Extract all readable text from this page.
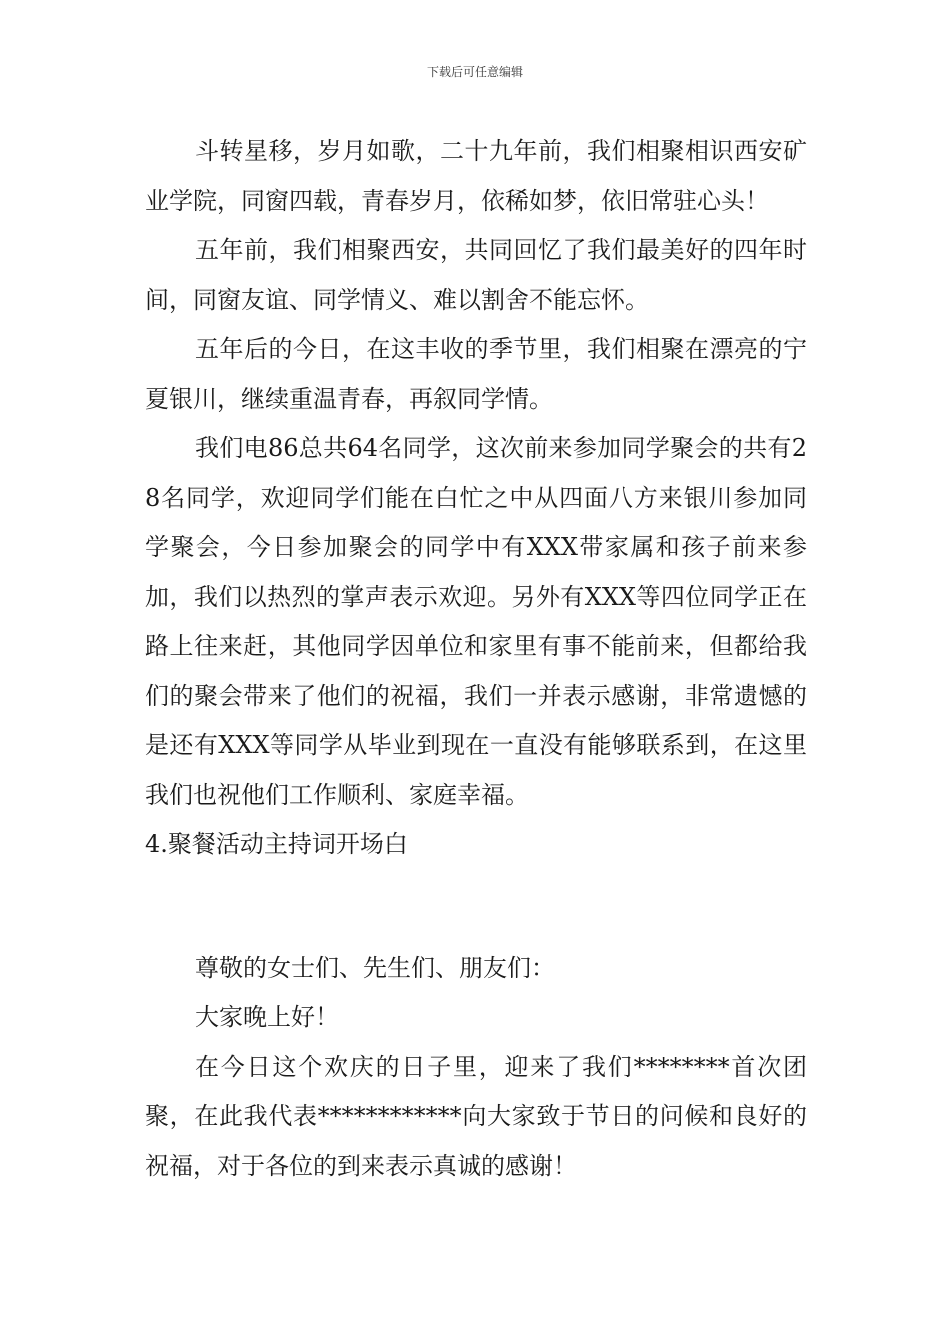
下载后可任意编辑

斗转星移，岁月如歌，二十九年前，我们相聚相识西安矿业学院，同窗四载，青春岁月，依稀如梦，依旧常驻心头！

五年前，我们相聚西安，共同回忆了我们最美好的四年时间，同窗友谊、同学情义、难以割舍不能忘怀。

五年后的今日，在这丰收的季节里，我们相聚在漂亮的宁夏银川，继续重温青春，再叙同学情。

我们电86总共64名同学，这次前来参加同学聚会的共有28名同学，欢迎同学们能在白忙之中从四面八方来银川参加同学聚会，今日参加聚会的同学中有XXX带家属和孩子前来参加，我们以热烈的掌声表示欢迎。另外有XXX等四位同学正在路上往来赶，其他同学因单位和家里有事不能前来，但都给我们的聚会带来了他们的祝福，我们一并表示感谢，非常遗憾的是还有XXX等同学从毕业到现在一直没有能够联系到，在这里我们也祝他们工作顺利、家庭幸福。

4.聚餐活动主持词开场白

尊敬的女士们、先生们、朋友们：

大家晚上好！

在今日这个欢庆的日子里，迎来了我们********首次团聚，在此我代表************向大家致于节日的问候和良好的祝福，对于各位的到来表示真诚的感谢！
